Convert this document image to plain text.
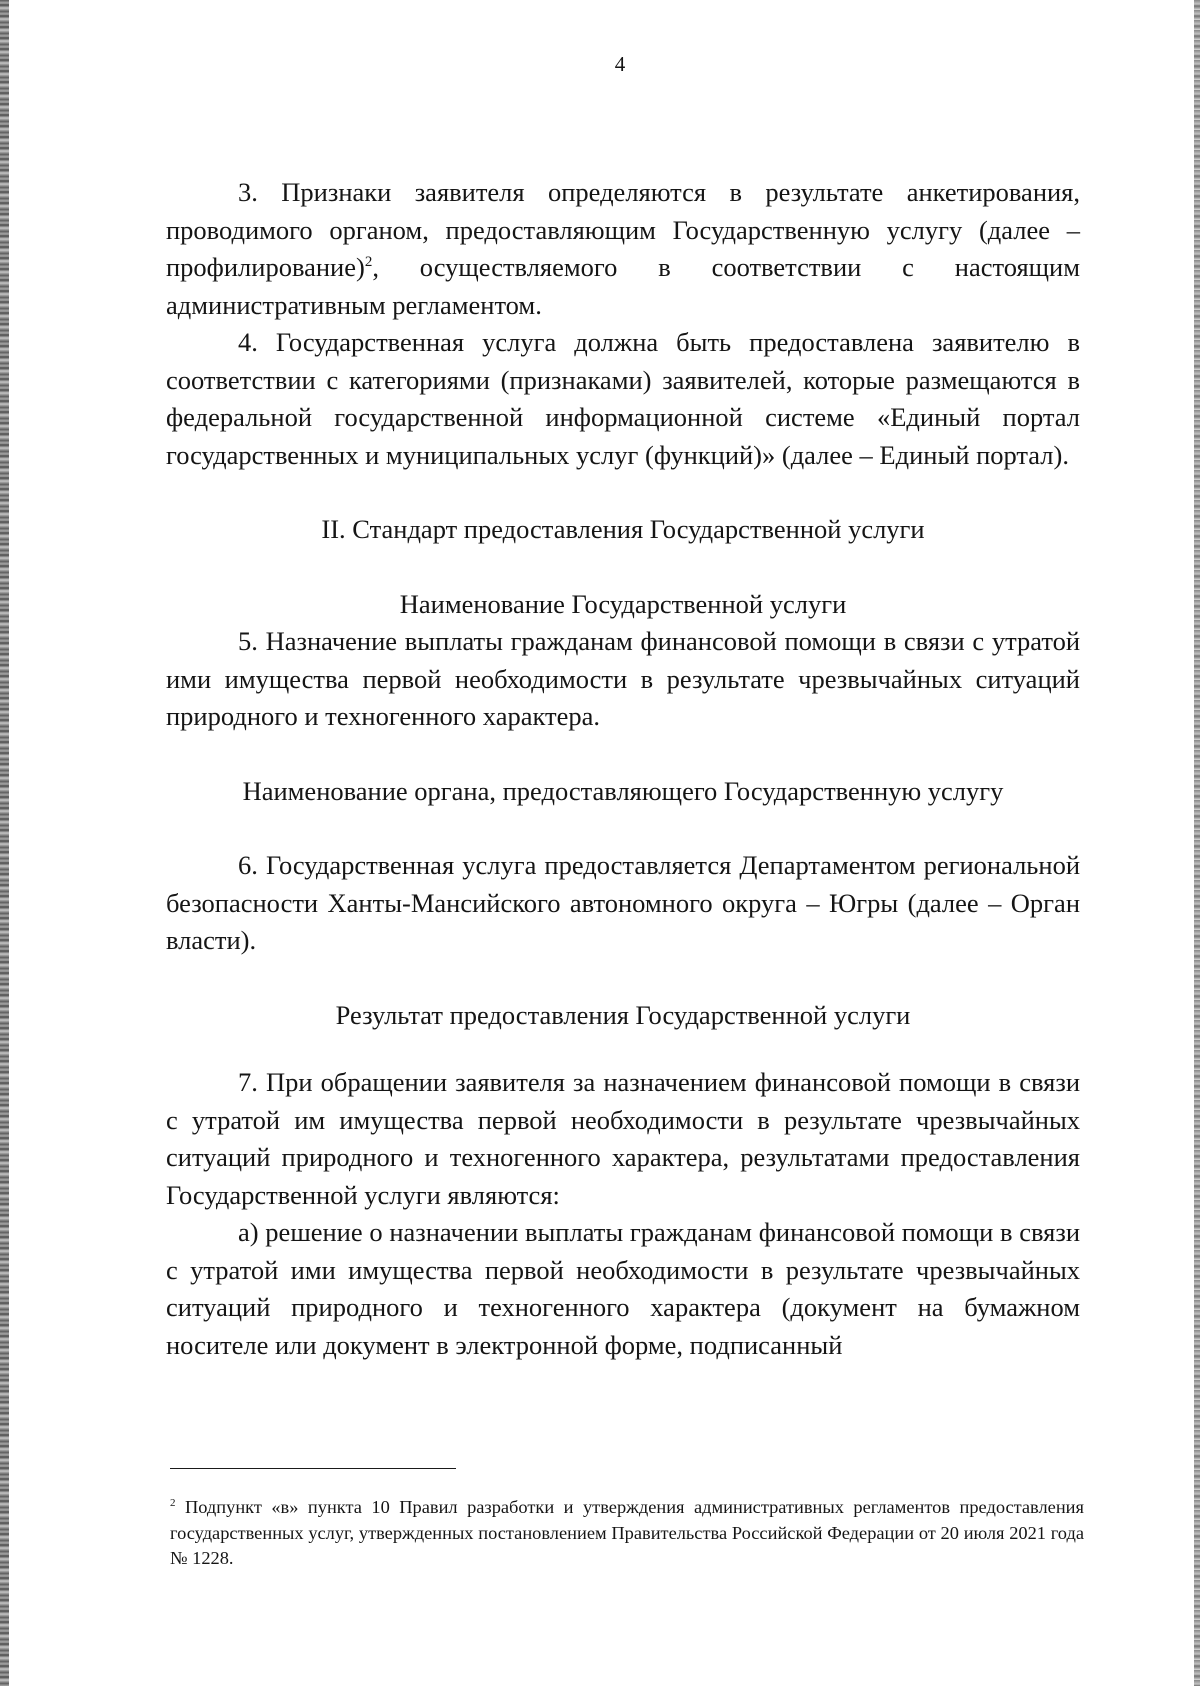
4

3. Признаки заявителя определяются в результате анкетирования, проводимого органом, предоставляющим Государственную услугу (далее – профилирование)$^2$, осуществляемого в соответствии с настоящим административным регламентом.

4. Государственная услуга должна быть предоставлена заявителю в соответствии с категориями (признаками) заявителей, которые размещаются в федеральной государственной информационной системе «Единый портал государственных и муниципальных услуг (функций)» (далее – Единый портал).

II. Стандарт предоставления Государственной услуги

Наименование Государственной услуги

5. Назначение выплаты гражданам финансовой помощи в связи с утратой ими имущества первой необходимости в результате чрезвычайных ситуаций природного и техногенного характера.

Наименование органа, предоставляющего Государственную услугу

6. Государственная услуга предоставляется Департаментом региональной безопасности Ханты-Мансийского автономного округа – Югры (далее – Орган власти).

Результат предоставления Государственной услуги

7. При обращении заявителя за назначением финансовой помощи в связи с утратой им имущества первой необходимости в результате чрезвычайных ситуаций природного и техногенного характера, результатами предоставления Государственной услуги являются:

а) решение о назначении выплаты гражданам финансовой помощи в связи с утратой ими имущества первой необходимости в результате чрезвычайных ситуаций природного и техногенного характера (документ на бумажном носителе или документ в электронной форме, подписанный

$^2$ Подпункт «в» пункта 10 Правил разработки и утверждения административных регламентов предоставления государственных услуг, утвержденных постановлением Правительства Российской Федерации от 20 июля 2021 года № 1228.
